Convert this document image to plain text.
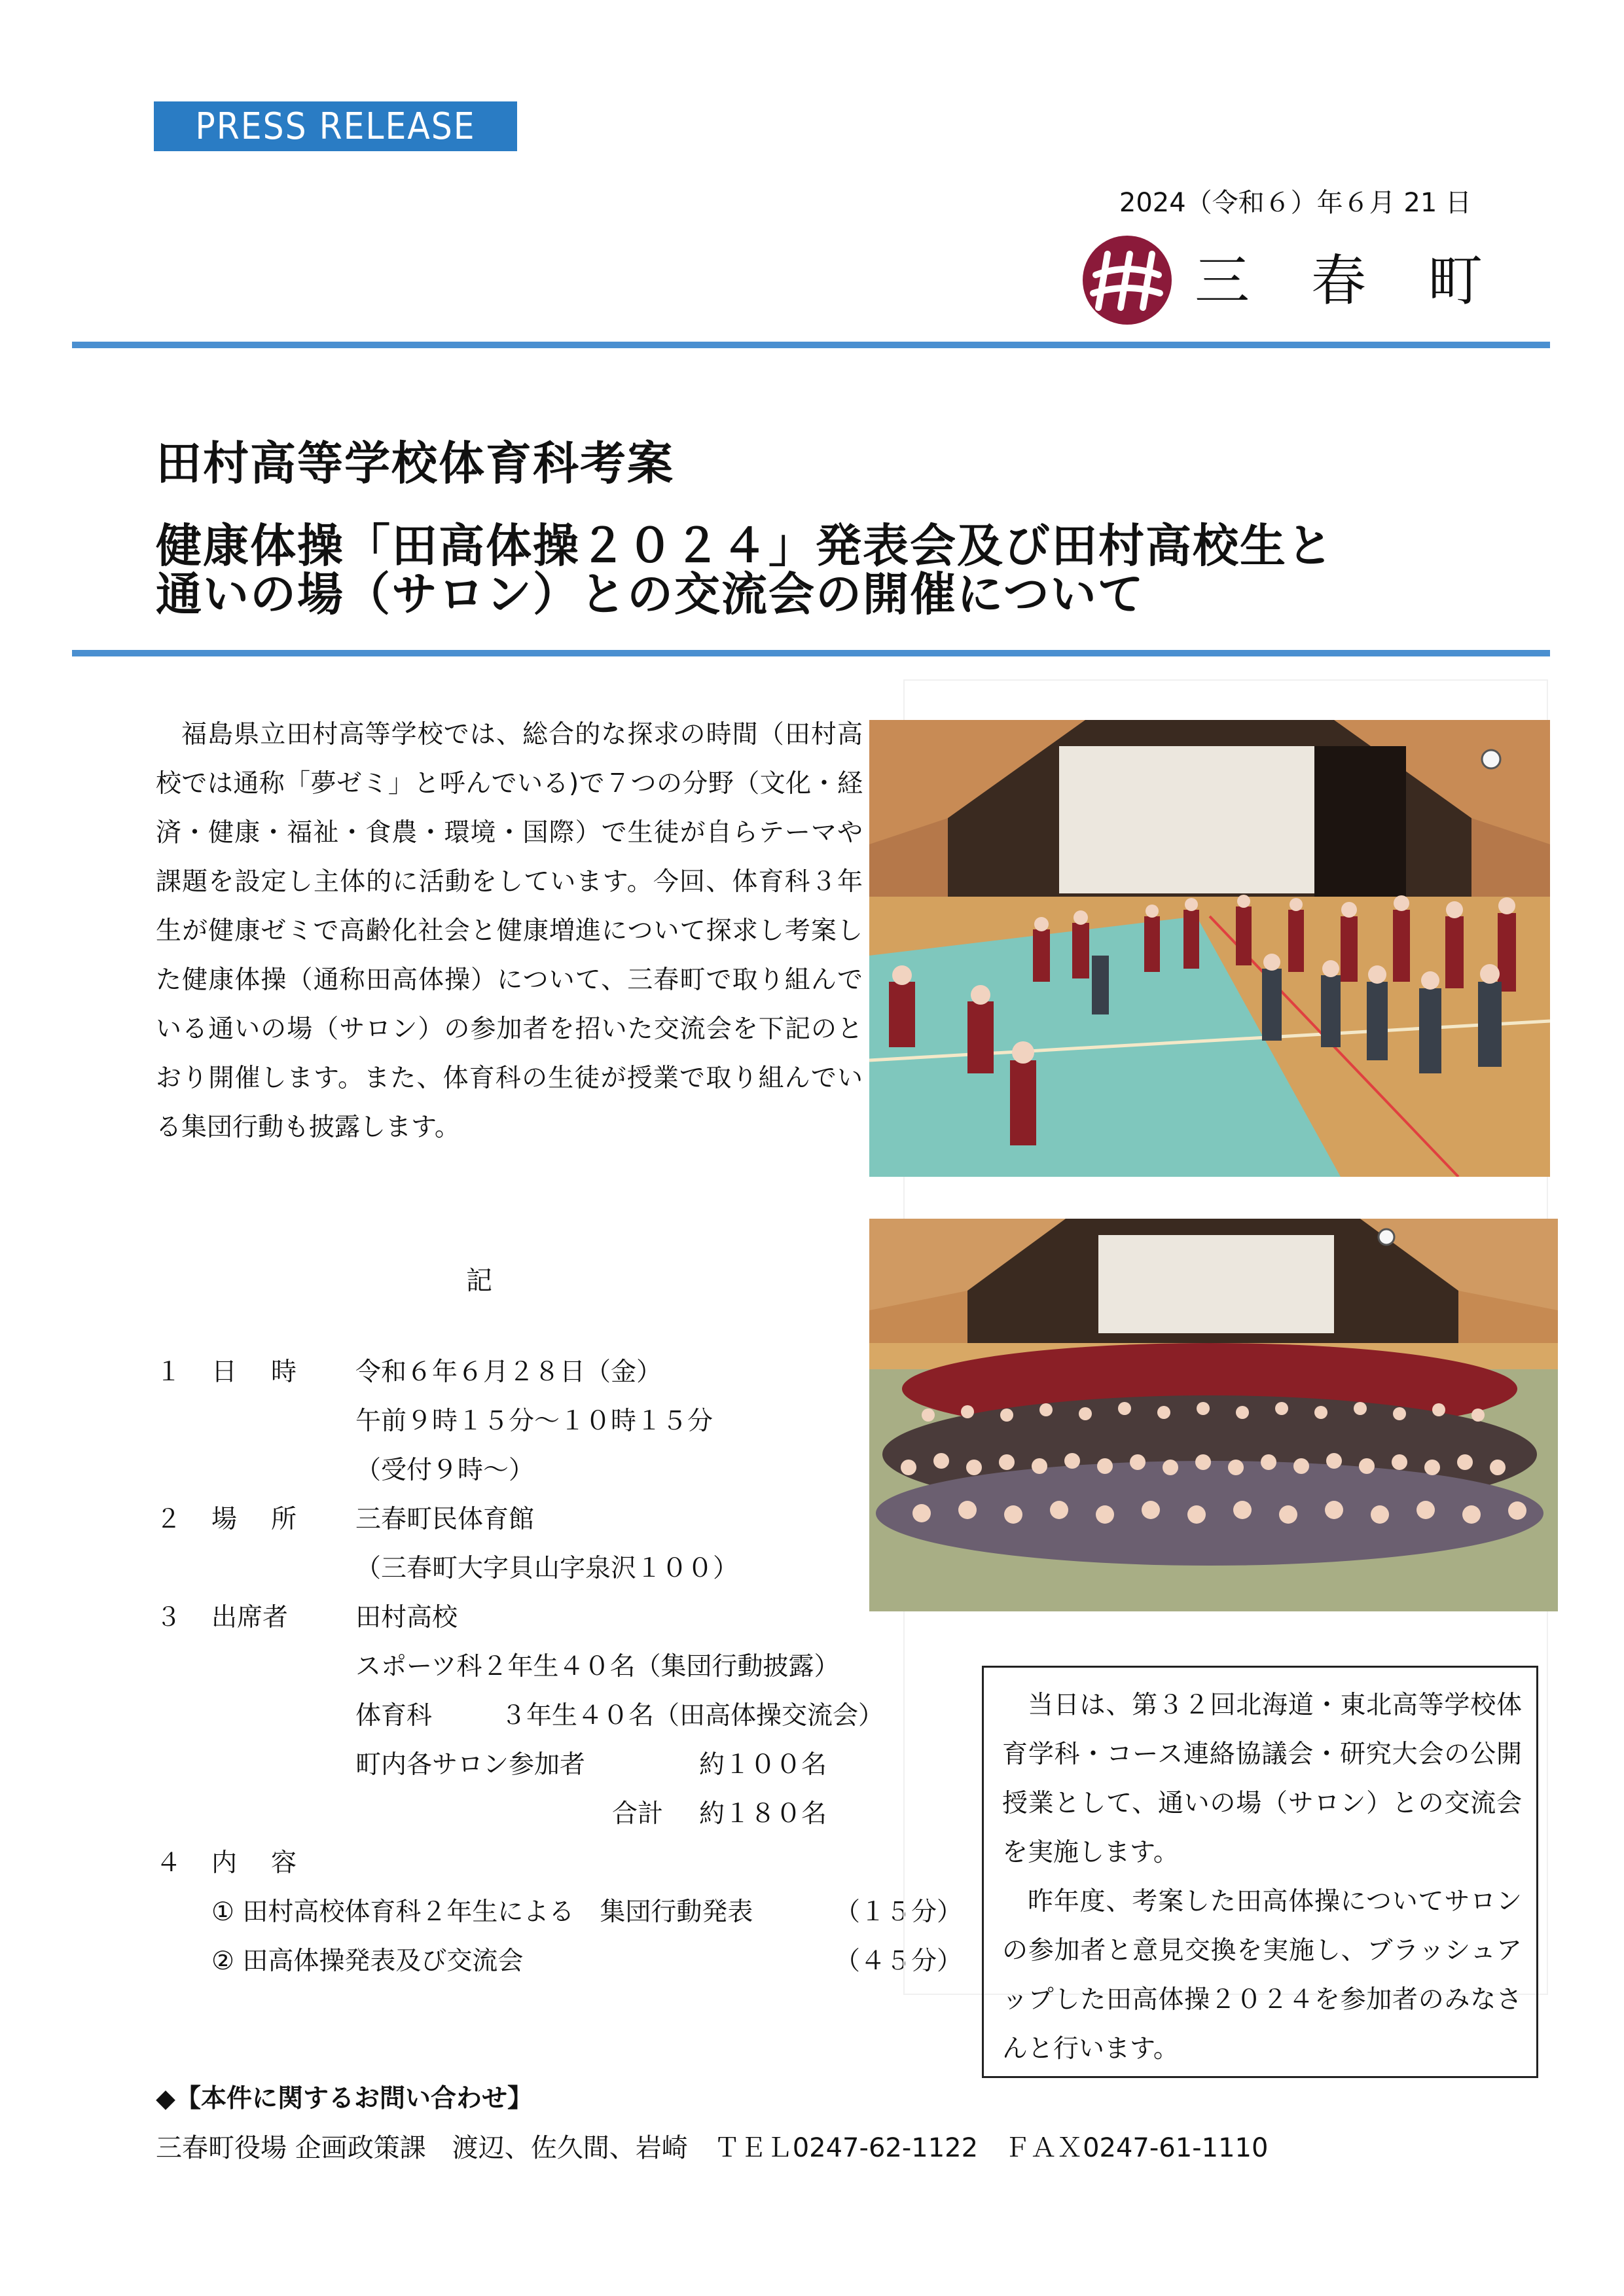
PRESS RELEASE
2024（令和６）年６月 21 日
三 春 町
田村高等学校体育科考案
健康体操「田高体操２０２４」発表会及び田村高校生と
通いの場（サロン）との交流会の開催について

福島県立田村高等学校では、総合的な探求の時間（田村高校では通称「夢ゼミ」と呼んでいる)で７つの分野（文化・経済・健康・福祉・食農・環境・国際）で生徒が自らテーマや課題を設定し主体的に活動をしています。今回、体育科３年生が健康ゼミで高齢化社会と健康増進について探求し考案した健康体操（通称田高体操）について、三春町で取り組んでいる通いの場（サロン）の参加者を招いた交流会を下記のとおり開催します。また、体育科の生徒が授業で取り組んでいる集団行動も披露します。

記
１ 日 時 令和６年６月２８日（金）
午前９時１５分～１０時１５分
（受付９時～）
２ 場 所 三春町民体育館
（三春町大字貝山字泉沢１００）
３ 出席者	田村高校
スポーツ科２年生４０名（集団行動披露）
体育科	３年生４０名（田高体操交流会）
町内各サロン参加者	約１００名
合計 約１８０名
４ 内 容
① 田村高校体育科２年生による　集団行動発表	（１５分）
② 田高体操発表及び交流会	（４５分）

当日は、第３２回北海道・東北高等学校体育学科・コース連絡協議会・研究大会の公開授業として、通いの場（サロン）との交流会を実施します。

昨年度、考案した田高体操についてサロンの参加者と意見交換を実施し、ブラッシュアップした田高体操２０２４を参加者のみなさんと行います。

◆【本件に関するお問い合わせ】
三春町役場 企画政策課　渡辺、佐久間、岩崎　ＴＥＬ0247-62-1122　ＦＡＸ0247-61-1110
